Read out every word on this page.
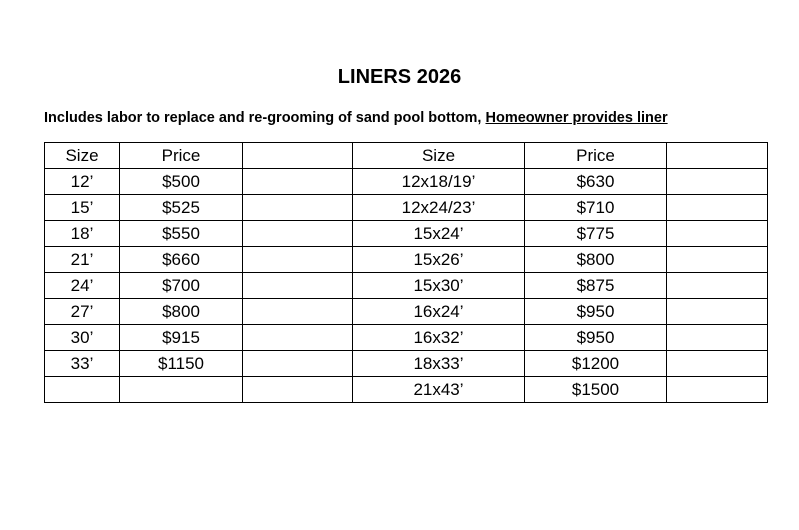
LINERS 2026
Includes labor to replace and re-grooming of sand pool bottom, Homeowner provides liner
Size	Price		Size	Price	
12’	$500		12x18/19’	$630	
15’	$525		12x24/23’	$710	
18’	$550		15x24’	$775	
21’	$660		15x26’	$800	
24’	$700		15x30’	$875	
27’	$800		16x24’	$950	
30’	$915		16x32’	$950	
33’	$1150		18x33’	$1200	
			21x43’	$1500	
